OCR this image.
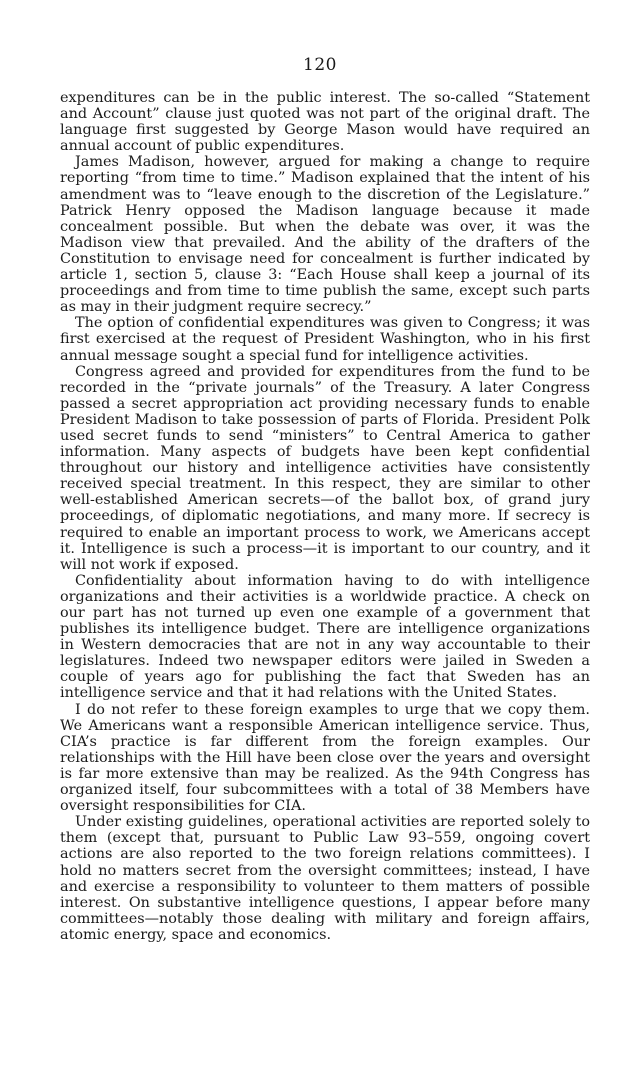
120

expenditures can be in the public interest. The so-called “Statement and Account” clause just quoted was not part of the original draft. The language first suggested by George Mason would have required an annual account of public expenditures.

James Madison, however, argued for making a change to require reporting “from time to time.” Madison explained that the intent of his amendment was to “leave enough to the discretion of the Legislature.” Patrick Henry opposed the Madison language because it made concealment possible. But when the debate was over, it was the Madison view that prevailed. And the ability of the drafters of the Constitution to envisage need for concealment is further indicated by article 1, section 5, clause 3: “Each House shall keep a journal of its proceedings and from time to time publish the same, except such parts as may in their judgment require secrecy.”

The option of confidential expenditures was given to Congress; it was first exercised at the request of President Washington, who in his first annual message sought a special fund for intelligence activities.

Congress agreed and provided for expenditures from the fund to be recorded in the “private journals” of the Treasury. A later Congress passed a secret appropriation act providing necessary funds to enable President Madison to take possession of parts of Florida. President Polk used secret funds to send “ministers” to Central America to gather information. Many aspects of budgets have been kept confidential throughout our history and intelligence activities have consistently received special treatment. In this respect, they are similar to other well-established American secrets—of the ballot box, of grand jury proceedings, of diplomatic negotiations, and many more. If secrecy is required to enable an important process to work, we Americans accept it. Intelligence is such a process—it is important to our country, and it will not work if exposed.

Confidentiality about information having to do with intelligence organizations and their activities is a worldwide practice. A check on our part has not turned up even one example of a government that publishes its intelligence budget. There are intelligence organizations in Western democracies that are not in any way accountable to their legislatures. Indeed two newspaper editors were jailed in Sweden a couple of years ago for publishing the fact that Sweden has an intelligence service and that it had relations with the United States.

I do not refer to these foreign examples to urge that we copy them. We Americans want a responsible American intelligence service. Thus, CIA’s practice is far different from the foreign examples. Our relationships with the Hill have been close over the years and oversight is far more extensive than may be realized. As the 94th Congress has organized itself, four subcommittees with a total of 38 Members have oversight responsibilities for CIA.

Under existing guidelines, operational activities are reported solely to them (except that, pursuant to Public Law 93–559, ongoing covert actions are also reported to the two foreign relations committees). I hold no matters secret from the oversight committees; instead, I have and exercise a responsibility to volunteer to them matters of possible interest. On substantive intelligence questions, I appear before many committees—notably those dealing with military and foreign affairs, atomic energy, space and economics.
